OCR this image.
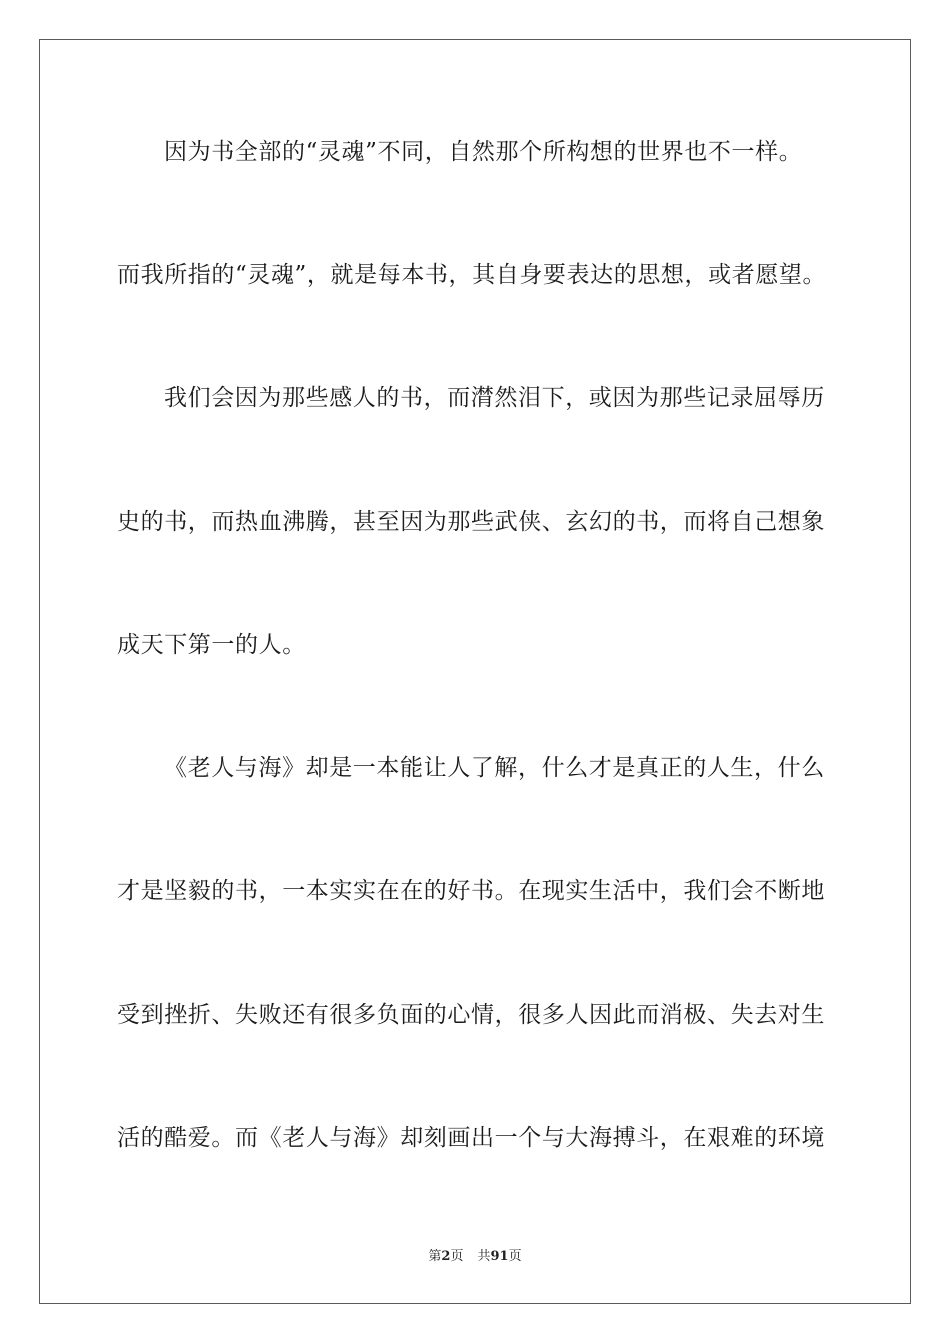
因为书全部的“灵魂”不同，自然那个所构想的世界也不一样。

而我所指的“灵魂”，就是每本书，其自身要表达的思想，或者愿望。

我们会因为那些感人的书，而潸然泪下，或因为那些记录屈辱历

史的书，而热血沸腾，甚至因为那些武侠、玄幻的书，而将自己想象

成天下第一的人。

《老人与海》却是一本能让人了解，什么才是真正的人生，什么

才是坚毅的书，一本实实在在的好书。在现实生活中，我们会不断地

受到挫折、失败还有很多负面的心情，很多人因此而消极、失去对生

活的酷爱。而《老人与海》却刻画出一个与大海搏斗，在艰难的环境

第2页 共91页
